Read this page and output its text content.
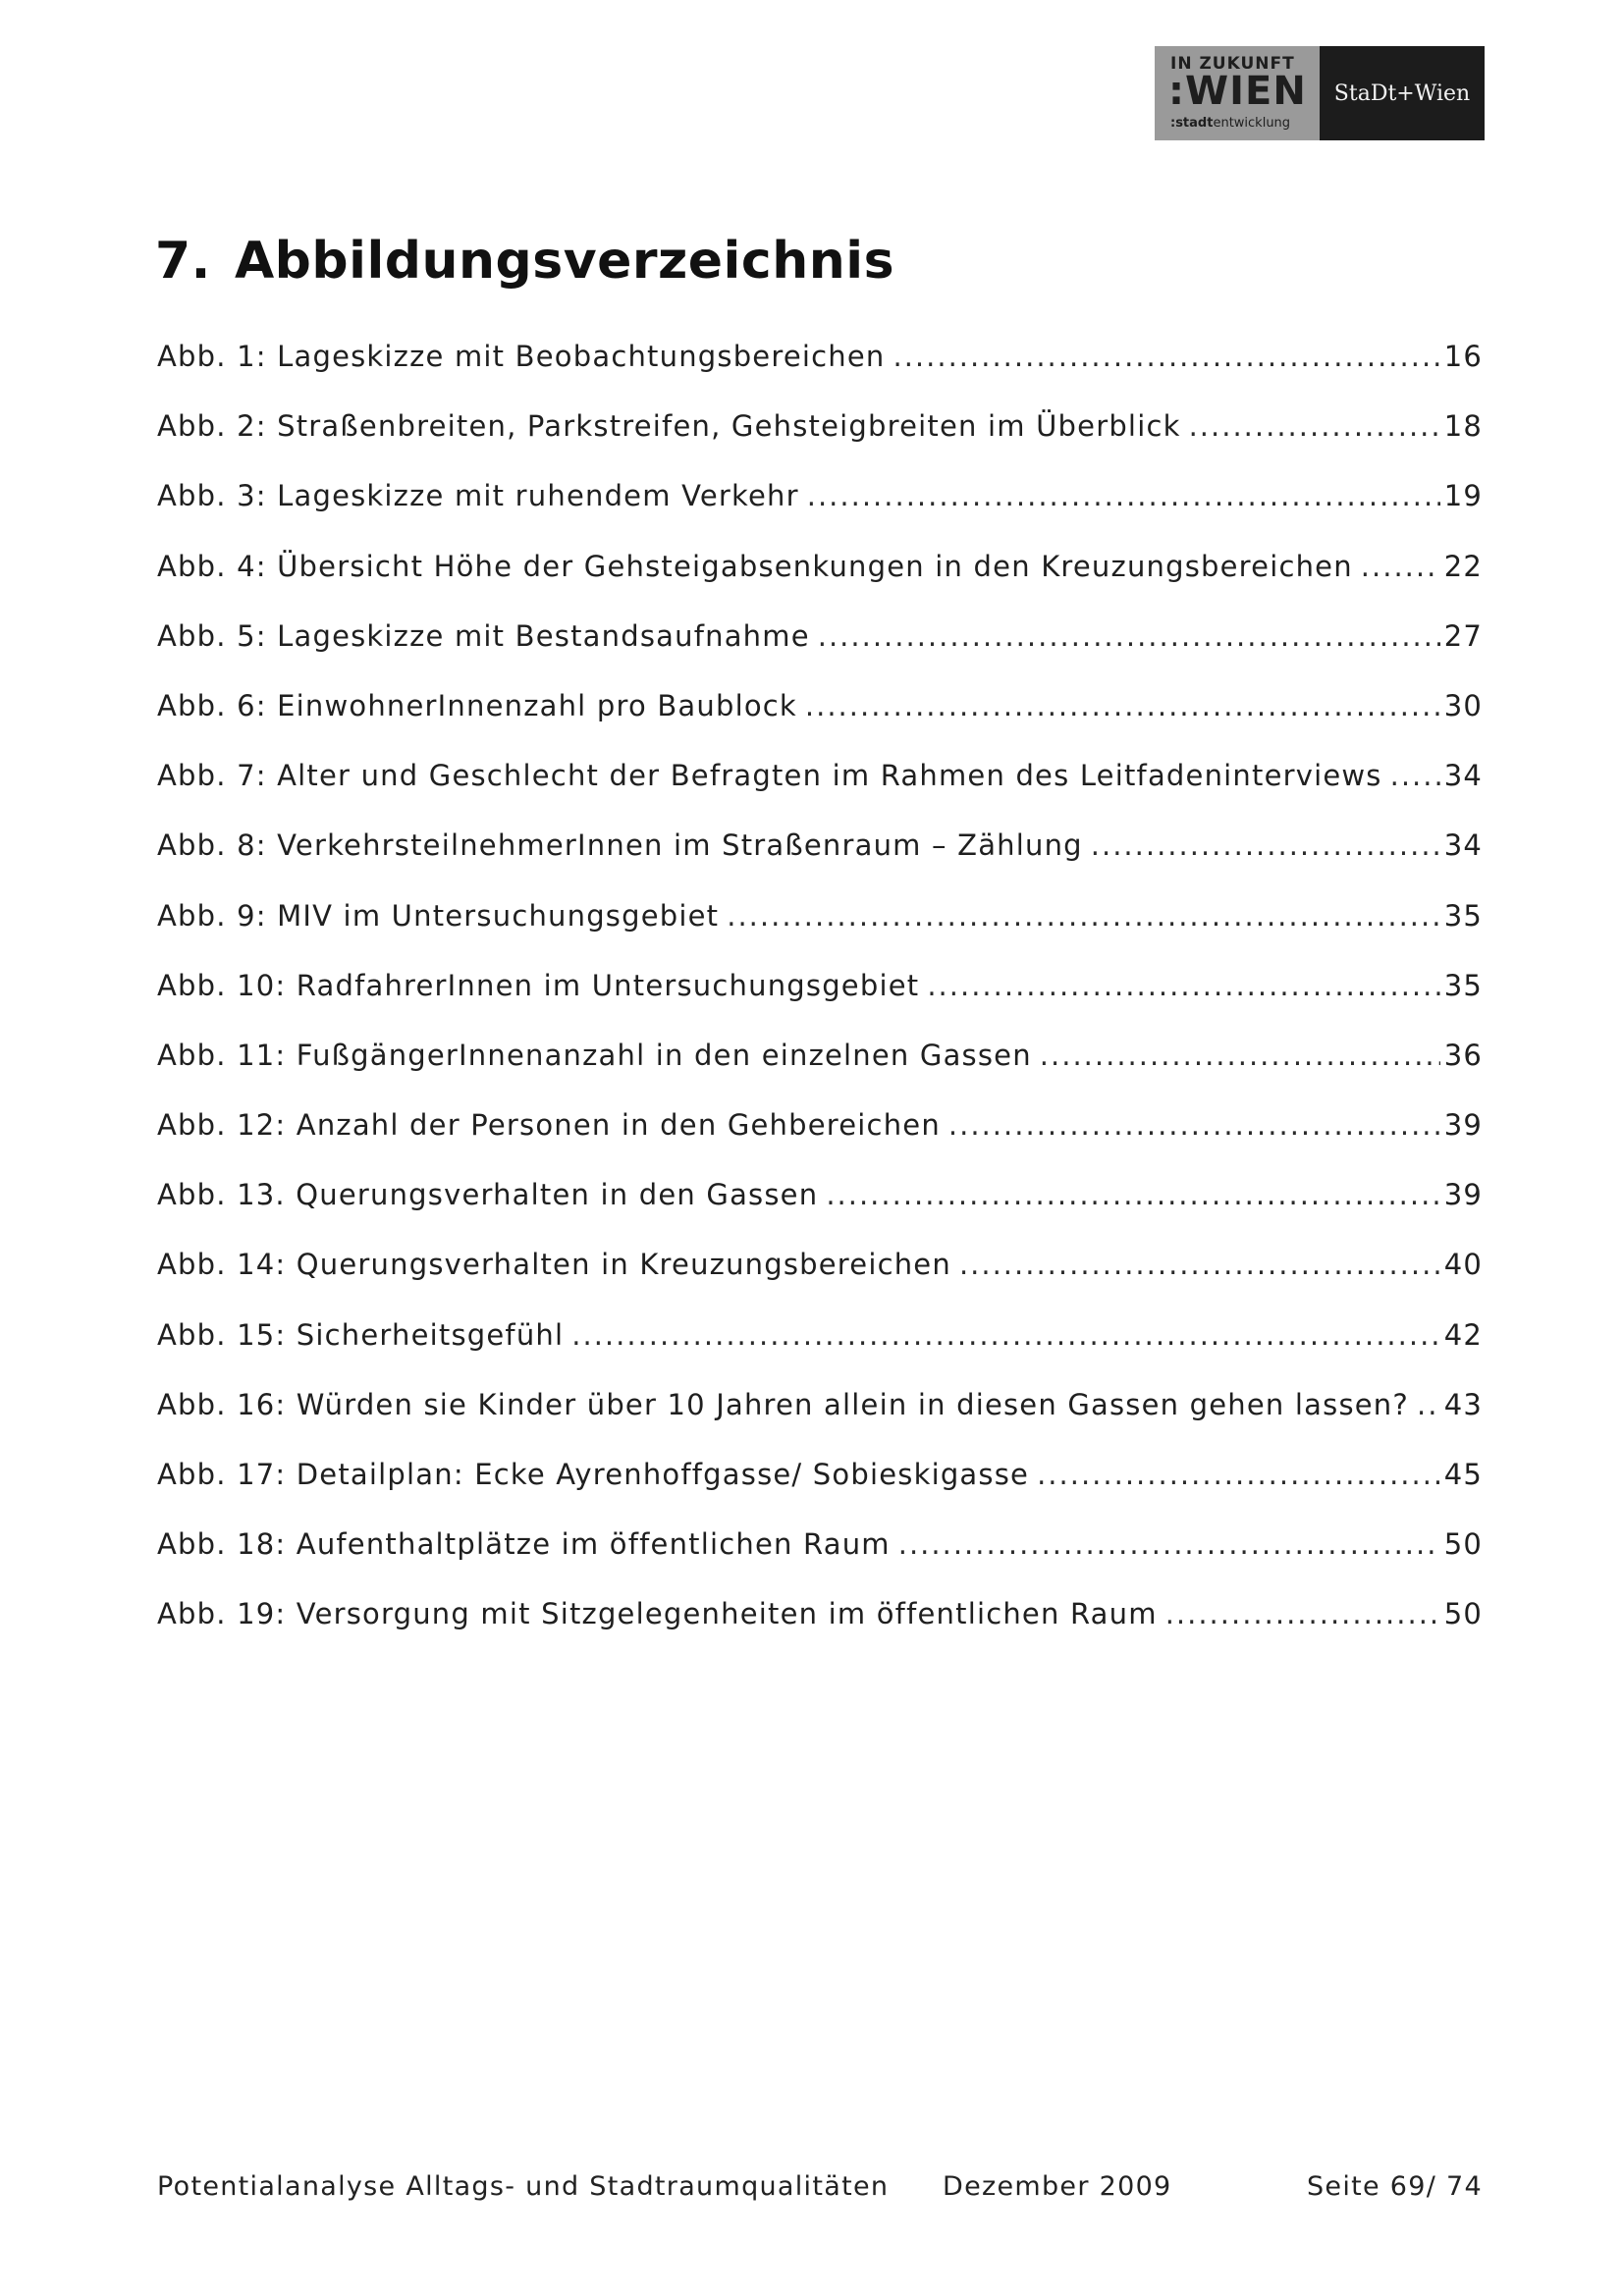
IN ZUKUNFT
:WIEN
:stadtentwicklung
StaDt+Wien
7. Abbildungsverzeichnis
Abb. 1: Lageskizze mit Beobachtungsbereichen .....	16
Abb. 2: Straßenbreiten, Parkstreifen, Gehsteigbreiten im Überblick .....	18
Abb. 3: Lageskizze mit ruhendem Verkehr .....	19
Abb. 4: Übersicht Höhe der Gehsteigabsenkungen in den Kreuzungsbereichen .....	22
Abb. 5: Lageskizze mit Bestandsaufnahme .....	27
Abb. 6: EinwohnerInnenzahl pro Baublock .....	30
Abb. 7: Alter und Geschlecht der Befragten im Rahmen des Leitfadeninterviews ..... 34
Abb. 8: VerkehrsteilnehmerInnen im Straßenraum – Zählung .....	34
Abb. 9: MIV im Untersuchungsgebiet .....	35
Abb. 10: RadfahrerInnen im Untersuchungsgebiet .....	35
Abb. 11: FußgängerInnenanzahl in den einzelnen Gassen .....	36
Abb. 12: Anzahl der Personen in den Gehbereichen .....	39
Abb. 13. Querungsverhalten in den Gassen .....	39
Abb. 14: Querungsverhalten in Kreuzungsbereichen .....	40
Abb. 15: Sicherheitsgefühl .....	42
Abb. 16: Würden sie Kinder über 10 Jahren allein in diesen Gassen gehen lassen? ..... 43
Abb. 17: Detailplan: Ecke Ayrenhoffgasse/ Sobieskigasse .....	45
Abb. 18: Aufenthaltplätze im öffentlichen Raum .....	50
Abb. 19: Versorgung mit Sitzgelegenheiten im öffentlichen Raum .....	50
Potentialanalyse Alltags- und Stadtraumqualitäten Dezember 2009	Seite 69/ 74
